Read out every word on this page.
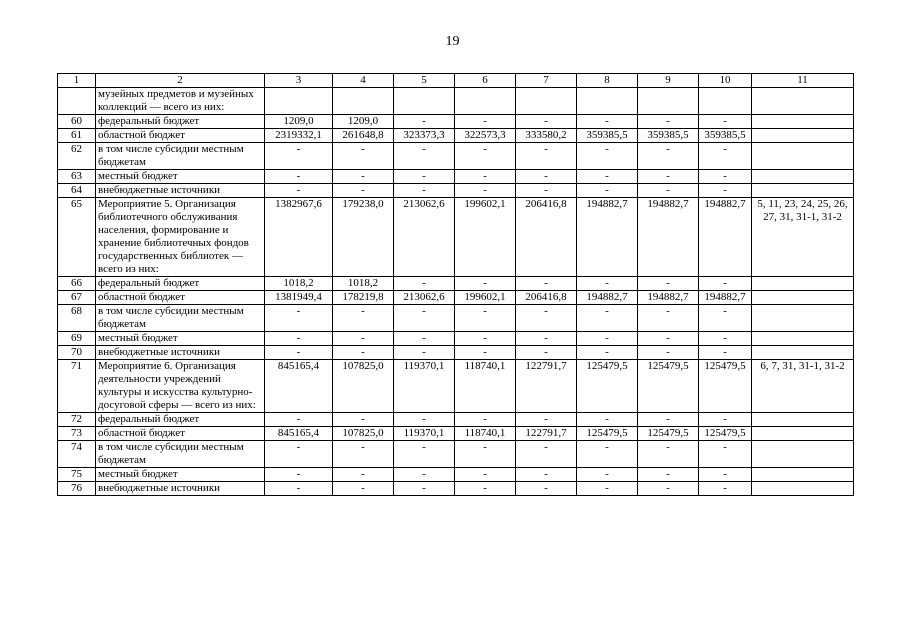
19
1	2	3	4	5	6	7	8	9	10	11
	музейных предметов и музейных коллекций — всего из них:									
60	федеральный бюджет	1209,0	1209,0	-	-	-	-	-	-	
61	областной бюджет	2319332,1	261648,8	323373,3	322573,3	333580,2	359385,5	359385,5	359385,5	
62	в том числе субсидии местным бюджетам	-	-	-	-	-	-	-	-	
63	местный бюджет	-	-	-	-	-	-	-	-	
64	внебюджетные источники	-	-	-	-	-	-	-	-	
65	Мероприятие 5. Организация библиотечного обслуживания населения, формирование и хранение библиотечных фондов государственных библиотек — всего из них:	1382967,6	179238,0	213062,6	199602,1	206416,8	194882,7	194882,7	194882,7	5, 11, 23, 24, 25, 26, 27, 31, 31-1, 31-2
66	федеральный бюджет	1018,2	1018,2	-	-	-	-	-	-	
67	областной бюджет	1381949,4	178219,8	213062,6	199602,1	206416,8	194882,7	194882,7	194882,7	
68	в том числе субсидии местным бюджетам	-	-	-	-	-	-	-	-	
69	местный бюджет	-	-	-	-	-	-	-	-	
70	внебюджетные источники	-	-	-	-	-	-	-	-	
71	Мероприятие 6. Организация деятельности учреждений культуры и искусства культурно-досуговой сферы — всего из них:	845165,4	107825,0	119370,1	118740,1	122791,7	125479,5	125479,5	125479,5	6, 7, 31, 31-1, 31-2
72	федеральный бюджет	-	-	-	-	-	-	-	-	
73	областной бюджет	845165,4	107825,0	119370,1	118740,1	122791,7	125479,5	125479,5	125479,5	
74	в том числе субсидии местным бюджетам	-	-	-	-	-	-	-	-	
75	местный бюджет	-	-	-	-	-	-	-	-	
76	внебюджетные источники	-	-	-	-	-	-	-	-	
